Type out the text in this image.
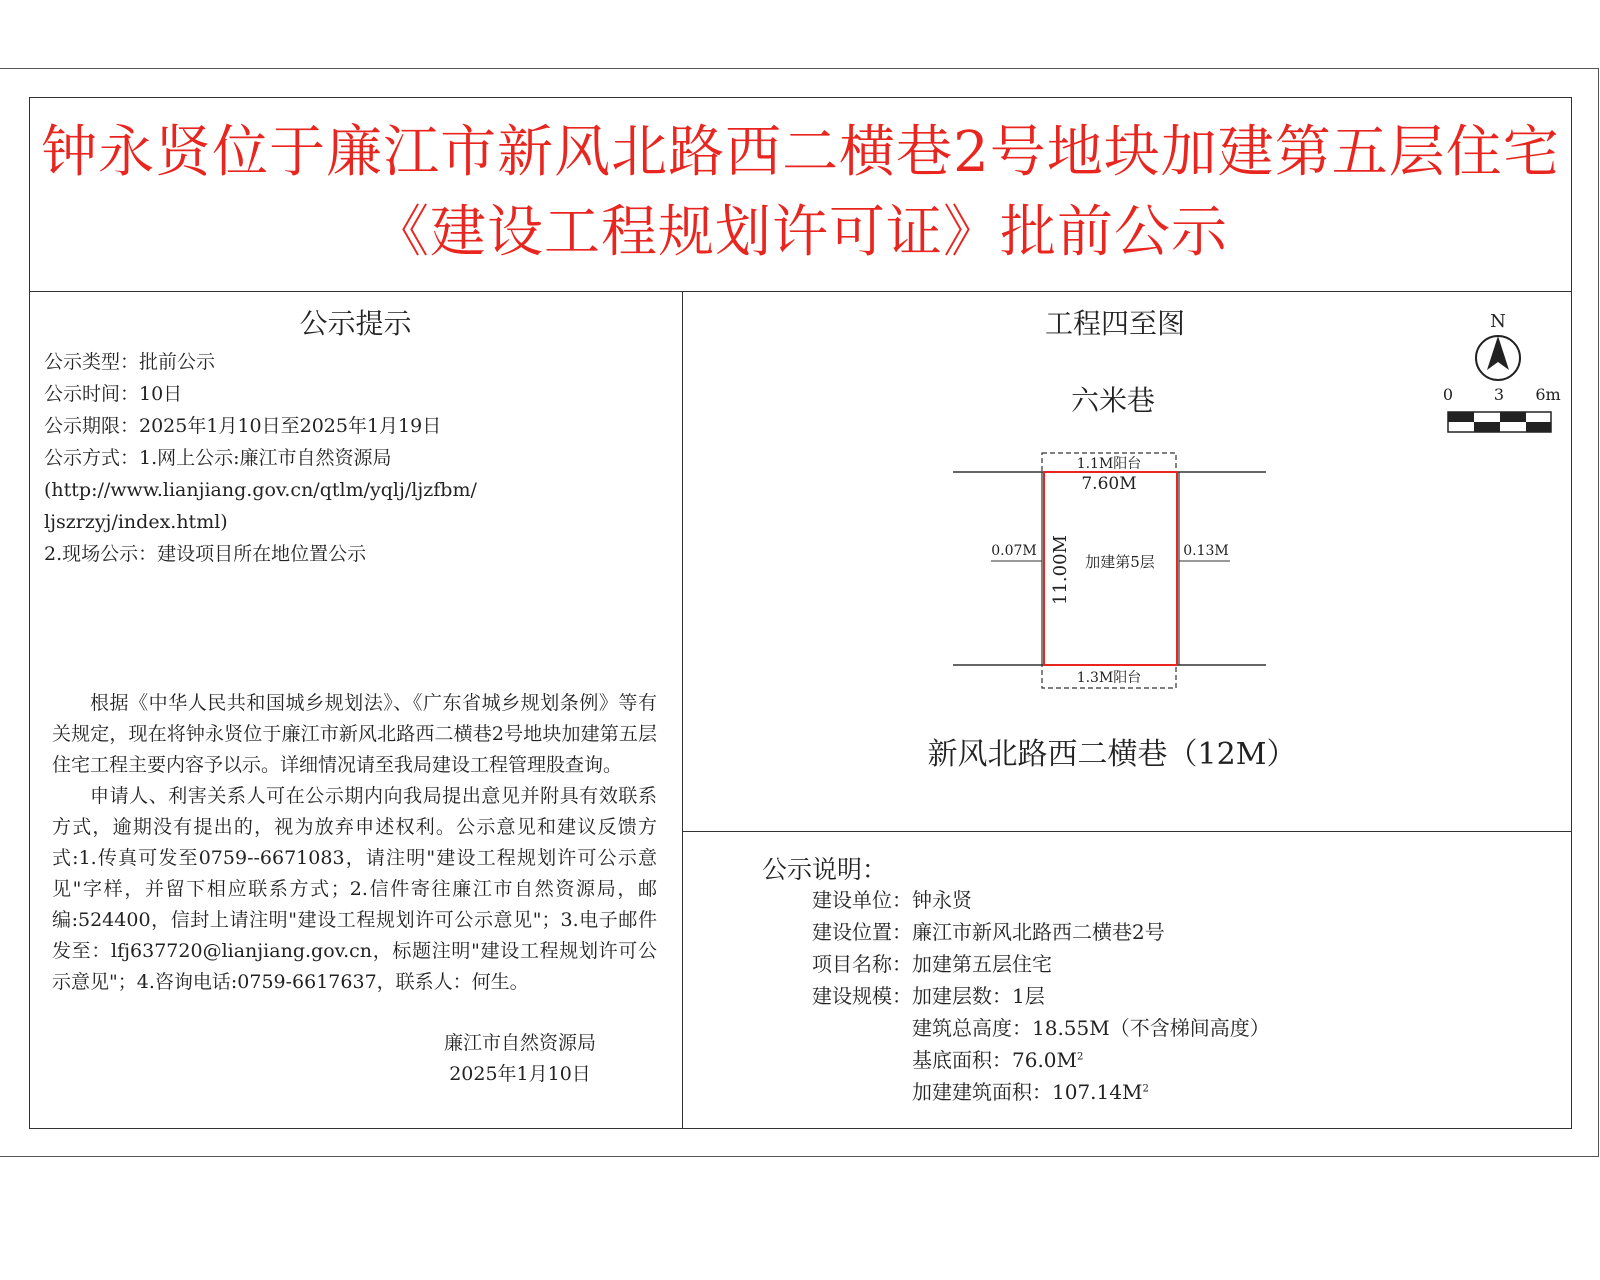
钟永贤位于廉江市新风北路西二横巷2号地块加建第五层住宅
《建设工程规划许可证》批前公示
公示提示
公示类型：批前公示
公示时间：10日
公示期限：2025年1月10日至2025年1月19日
公示方式：1.网上公示:廉江市自然资源局
(http://www.lianjiang.gov.cn/qtlm/yqlj/ljzfbm/
ljszrzyj/index.html)
2.现场公示：建设项目所在地位置公示

根据《中华人民共和国城乡规划法》、《广东省城乡规划条例》等有关规定，现在将钟永贤位于廉江市新风北路西二横巷2号地块加建第五层住宅工程主要内容予以示。详细情况请至我局建设工程管理股查询。

申请人、利害关系人可在公示期内向我局提出意见并附具有效联系方式，逾期没有提出的，视为放弃申述权利。公示意见和建议反馈方式:1.传真可发至0759--6671083，请注明"建设工程规划许可公示意见"字样，并留下相应联系方式；2.信件寄往廉江市自然资源局，邮编:524400，信封上请注明"建设工程规划许可公示意见"；3.电子邮件发至：lfj637720@lianjiang.gov.cn，标题注明"建设工程规划许可公示意见"；4.咨询电话:0759-6617637，联系人：何生。

廉江市自然资源局
2025年1月10日
工程四至图	N
0	3 6m
六米巷
1.1M阳台
1.3M阳台
7.60M
11.00M 加建第5层
0.07M	0.13M
新风北路西二横巷（12M）
公示说明：
建设单位： 钟永贤
建设位置： 廉江市新风北路西二横巷2号
项目名称： 加建第五层住宅
建设规模： 加建层数：1层
建筑总高度：18.55M（不含梯间高度）
基底面积：$76.0M^2$
加建建筑面积：$107.14M^2$
